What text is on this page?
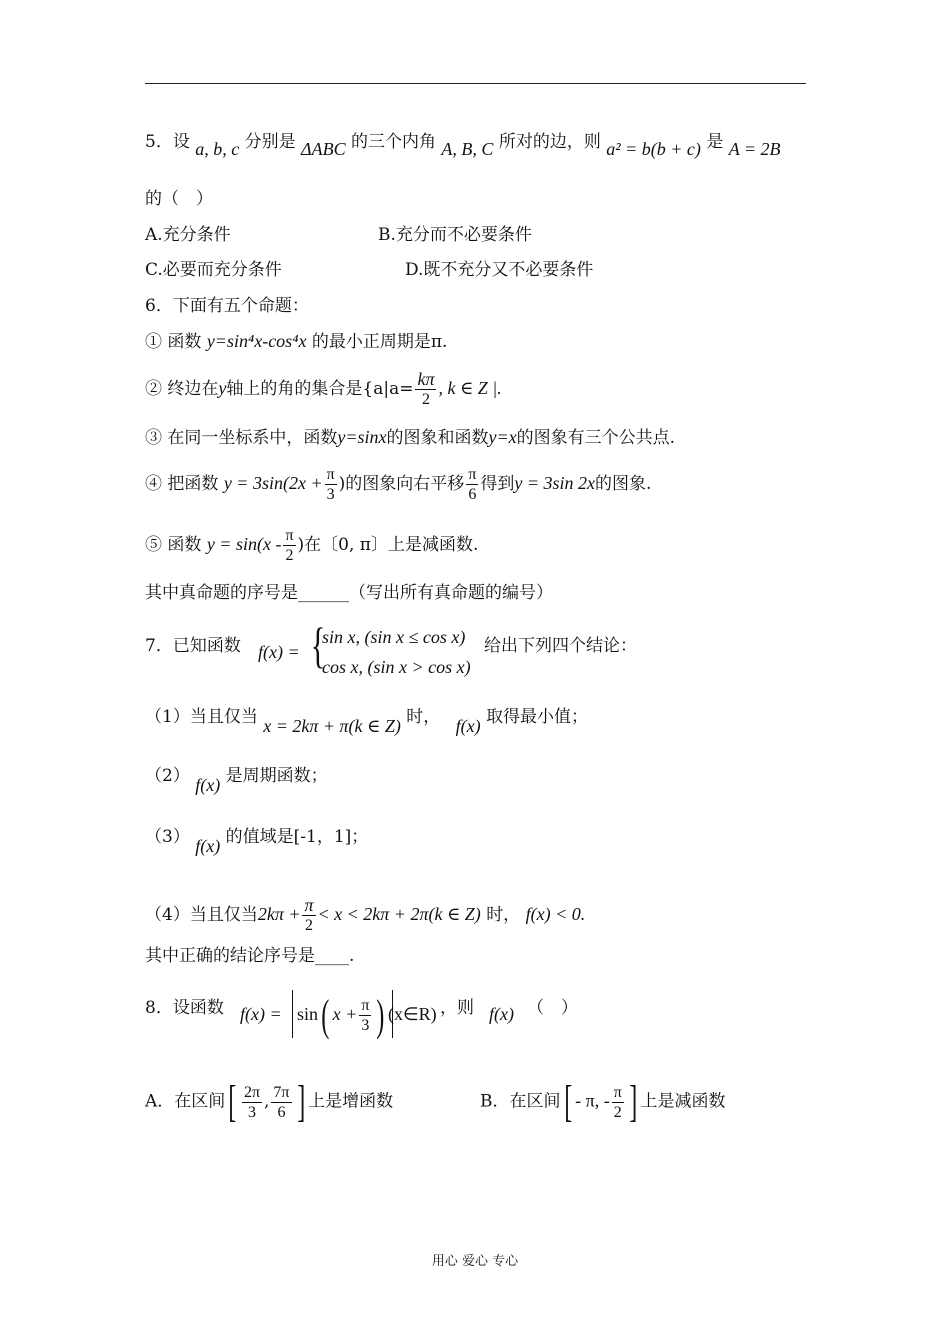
5．设 a, b, c 分别是 ΔABC 的三个内角 A, B, C 所对的边，则 a² = b(b + c) 是 A = 2B
的（　）
A.充分条件	B.充分而不必要条件
C.必要而充分条件	D.既不充分又不必要条件
6．下面有五个命题：
① 函数 y=sin⁴x-cos⁴x 的最小正周期是π.
② 终边在y轴上的角的集合是{$a|a= \frac{k\pi}{2}$ , k ∈ Z |.
③ 在同一坐标系中，函数y=sinx的图象和函数y=x的图象有三个公共点.
④ 把函数 $y = 3\sin(2x + \frac{\pi}{3}$ )的图象向右平移 $\frac{\pi}{6}$ 得到y = 3sin 2x的图象.
⑤ 函数 $y = \sin(x - \frac{\pi}{2}$ )在〔0, π〕上是减函数.
其中真命题的序号是______（写出所有真命题的编号）
7．已知函数 f(x) = {
sin x, (sin x ≤ cos x)
cos x, (sin x > cos x)
给出下列四个结论：
（1）当且仅当 x = 2kπ + π(k ∈ Z) 时， f(x) 取得最小值；
（2） f(x) 是周期函数；
（3） f(x) 的值域是[-1，1]；
（4）当且仅当$2k\pi + \frac{\pi}{2} < x < 2k\pi + 2\pi(k$ ∈ Z) 时， f(x) < 0.
其中正确的结论序号是____.
8．设函数 f(x) = sin( $x + \frac{\pi}{3}$ ) (x∈R) ，则 f(x) （　）
A．在区间[ $\frac{2\pi}{3}$ , $\frac{7\pi}{6}$ ] 上是增函数	B．在区间[ - π, - $\frac{\pi}{2}$ ] 上是减函数
用心 爱心 专心
